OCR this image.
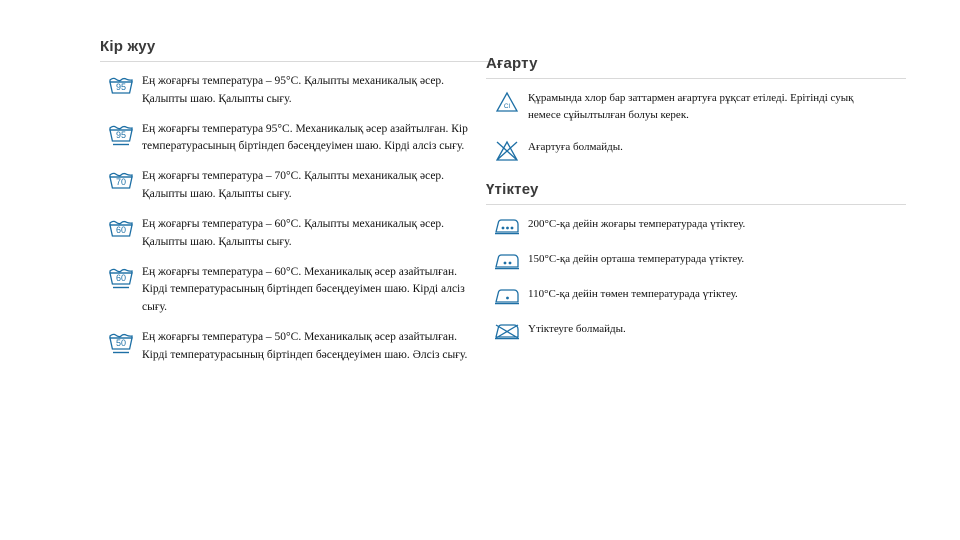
Кір жуу
95 Ең жоғарғы температура – 95°С. Қалыпты механикалық әсер. Қалыпты шаю. Қалыпты сығу.
95 Ең жоғарғы температура 95°С. Механикалық әсер азайтылған. Кір температурасының біртіндеп бәсеңдеуімен шаю. Кірді алсіз сығу.
70 Ең жоғарғы температура – 70°С. Қалыпты механикалық әсер. Қалыпты шаю. Қалыпты сығу.
60 Ең жоғарғы температура – 60°С. Қалыпты механикалық әсер. Қалыпты шаю. Қалыпты сығу.
60 Ең жоғарғы температура – 60°С. Механикалық әсер азайтылған. Кірді температурасының біртіндеп бәсеңдеуімен шаю. Кірді алсіз сығу.
50 Ең жоғарғы температура – 50°С. Механикалық әсер азайтылған. Кірді температурасының біртіндеп бәсеңдеуімен шаю. Әлсіз сығу.
Ағарту
Cl
Құрамында хлор бар заттармен ағартуға рұқсат етіледі. Ерітінді суық немесе сұйылтылған болуы керек.
Ағартуға болмайды.
Үтіктеу
200°С-қа дейін жоғары температурада үтіктеу.
150°С-қа дейін орташа температурада үтіктеу.
110°С-қа дейін төмен температурада үтіктеу.
Үтіктеуге болмайды.
